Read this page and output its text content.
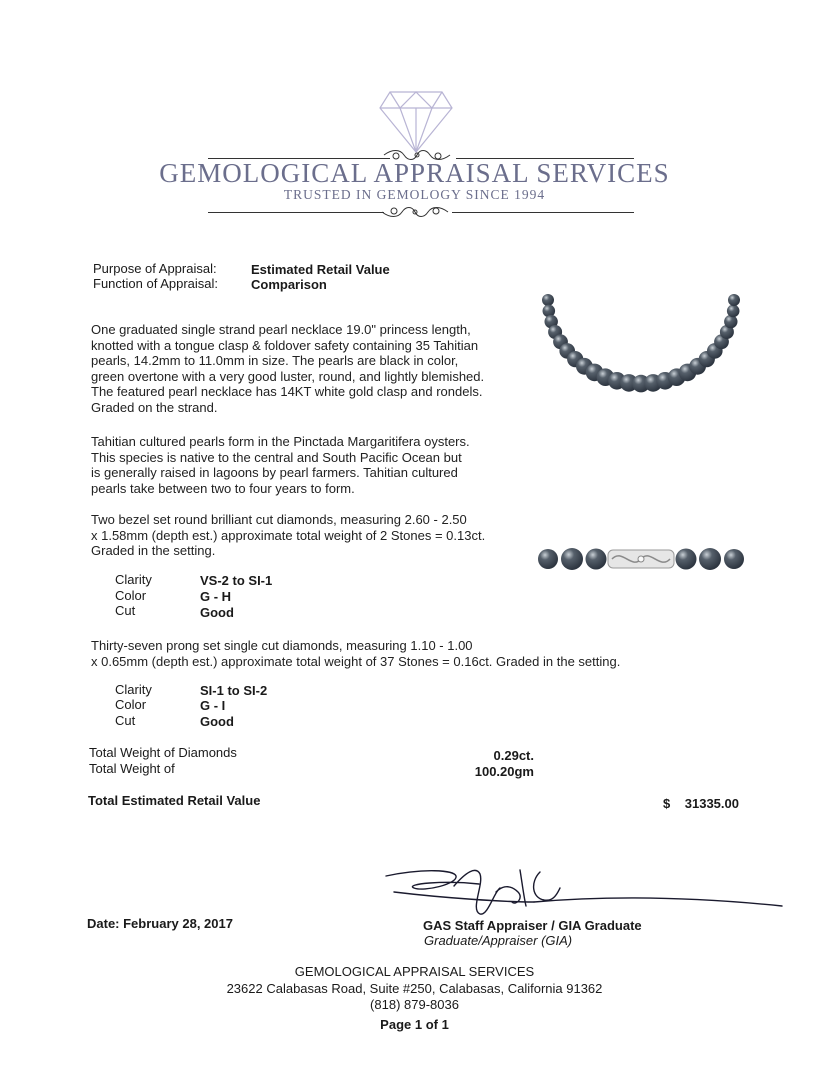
GEMOLOGICAL APPRAISAL SERVICES
TRUSTED IN GEMOLOGY SINCE 1994
Purpose of Appraisal:	Estimated Retail Value
Function of Appraisal:	Comparison
One graduated single strand pearl necklace 19.0" princess length,
knotted with a tongue clasp & foldover safety containing 35 Tahitian
pearls, 14.2mm to 11.0mm in size. The pearls are black in color,
green overtone with a very good luster, round, and lightly blemished.
The featured pearl necklace has 14KT white gold clasp and rondels.
Graded on the strand.
Tahitian cultured pearls form in the Pinctada Margaritifera oysters.
This species is native to the central and South Pacific Ocean but
is generally raised in lagoons by pearl farmers. Tahitian cultured
pearls take between two to four years to form.
Two bezel set round brilliant cut diamonds, measuring 2.60 - 2.50
x 1.58mm (depth est.) approximate total weight of 2 Stones = 0.13ct.
Graded in the setting.
Clarity	VS-2 to SI-1
Color	G - H
Cut	Good
Thirty-seven prong set single cut diamonds, measuring 1.10 - 1.00
x 0.65mm (depth est.) approximate total weight of 37 Stones = 0.16ct. Graded in the setting.
Clarity	SI-1 to SI-2
Color	G - I
Cut	Good
Total Weight of Diamonds	0.29ct.
Total Weight of	100.20gm
Total Estimated Retail Value	$ 31335.00
Date: February 28, 2017	GAS Staff Appraiser / GIA Graduate
Graduate/Appraiser (GIA)
GEMOLOGICAL APPRAISAL SERVICES
23622 Calabasas Road, Suite #250, Calabasas, California 91362
(818) 879-8036
Page 1 of 1
